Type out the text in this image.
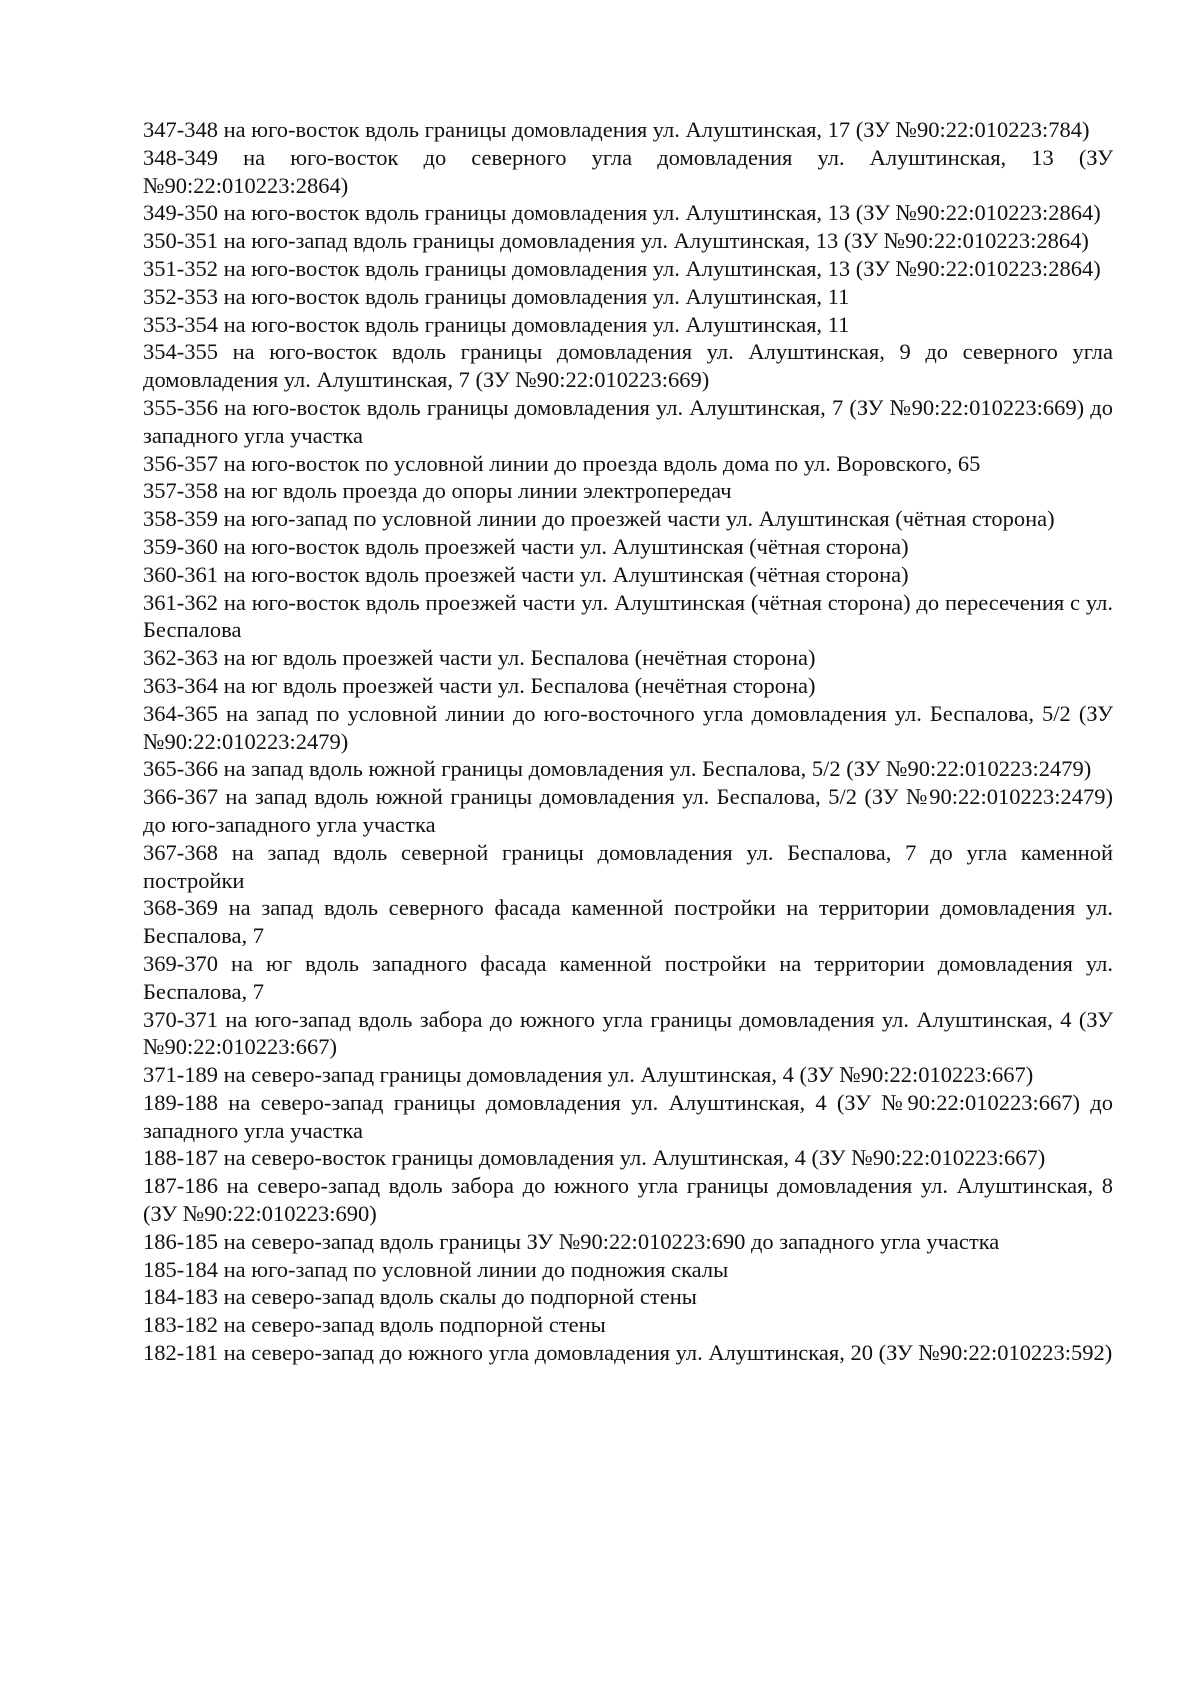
347-348 на юго-восток вдоль границы домовладения ул. Алуштинская, 17 (ЗУ №90:22:010223:784)

348-349 на юго-восток до северного угла домовладения ул. Алуштинская, 13 (ЗУ №90:22:010223:2864)

349-350 на юго-восток вдоль границы домовладения ул. Алуштинская, 13 (ЗУ №90:22:010223:2864)

350-351 на юго-запад вдоль границы домовладения ул. Алуштинская, 13 (ЗУ №90:22:010223:2864)

351-352 на юго-восток вдоль границы домовладения ул. Алуштинская, 13 (ЗУ №90:22:010223:2864)

352-353 на юго-восток вдоль границы домовладения ул. Алуштинская, 11

353-354 на юго-восток вдоль границы домовладения ул. Алуштинская, 11

354-355 на юго-восток вдоль границы домовладения ул. Алуштинская, 9 до северного угла домовладения ул. Алуштинская, 7 (ЗУ №90:22:010223:669)

355-356 на юго-восток вдоль границы домовладения ул. Алуштинская, 7 (ЗУ №90:22:010223:669) до западного угла участка

356-357 на юго-восток по условной линии до проезда вдоль дома по ул. Воровского, 65

357-358 на юг вдоль проезда до опоры линии электропередач

358-359 на юго-запад по условной линии до проезжей части ул. Алуштинская (чётная сторона)

359-360 на юго-восток вдоль проезжей части ул. Алуштинская (чётная сторона)

360-361 на юго-восток вдоль проезжей части ул. Алуштинская (чётная сторона)

361-362 на юго-восток вдоль проезжей части ул. Алуштинская (чётная сторона) до пересечения с ул. Беспалова

362-363 на юг вдоль проезжей части ул. Беспалова (нечётная сторона)

363-364 на юг вдоль проезжей части ул. Беспалова (нечётная сторона)

364-365 на запад по условной линии до юго-восточного угла домовладения ул. Беспалова, 5/2 (ЗУ №90:22:010223:2479)

365-366 на запад вдоль южной границы домовладения ул. Беспалова, 5/2 (ЗУ №90:22:010223:2479)

366-367 на запад вдоль южной границы домовладения ул. Беспалова, 5/2 (ЗУ №90:22:010223:2479) до юго-западного угла участка

367-368 на запад вдоль северной границы домовладения ул. Беспалова, 7 до угла каменной постройки

368-369 на запад вдоль северного фасада каменной постройки на территории домовладения ул. Беспалова, 7

369-370 на юг вдоль западного фасада каменной постройки на территории домовладения ул. Беспалова, 7

370-371 на юго-запад вдоль забора до южного угла границы домовладения ул. Алуштинская, 4 (ЗУ №90:22:010223:667)

371-189 на северо-запад границы домовладения ул. Алуштинская, 4 (ЗУ №90:22:010223:667)

189-188 на северо-запад границы домовладения ул. Алуштинская, 4 (ЗУ №90:22:010223:667) до западного угла участка

188-187 на северо-восток границы домовладения ул. Алуштинская, 4 (ЗУ №90:22:010223:667)

187-186 на северо-запад вдоль забора до южного угла границы домовладения ул. Алуштинская, 8 (ЗУ №90:22:010223:690)

186-185 на северо-запад вдоль границы ЗУ №90:22:010223:690 до западного угла участка

185-184 на юго-запад по условной линии до подножия скалы

184-183 на северо-запад вдоль скалы до подпорной стены

183-182 на северо-запад вдоль подпорной стены

182-181 на северо-запад до южного угла домовладения ул. Алуштинская, 20 (ЗУ №90:22:010223:592)
